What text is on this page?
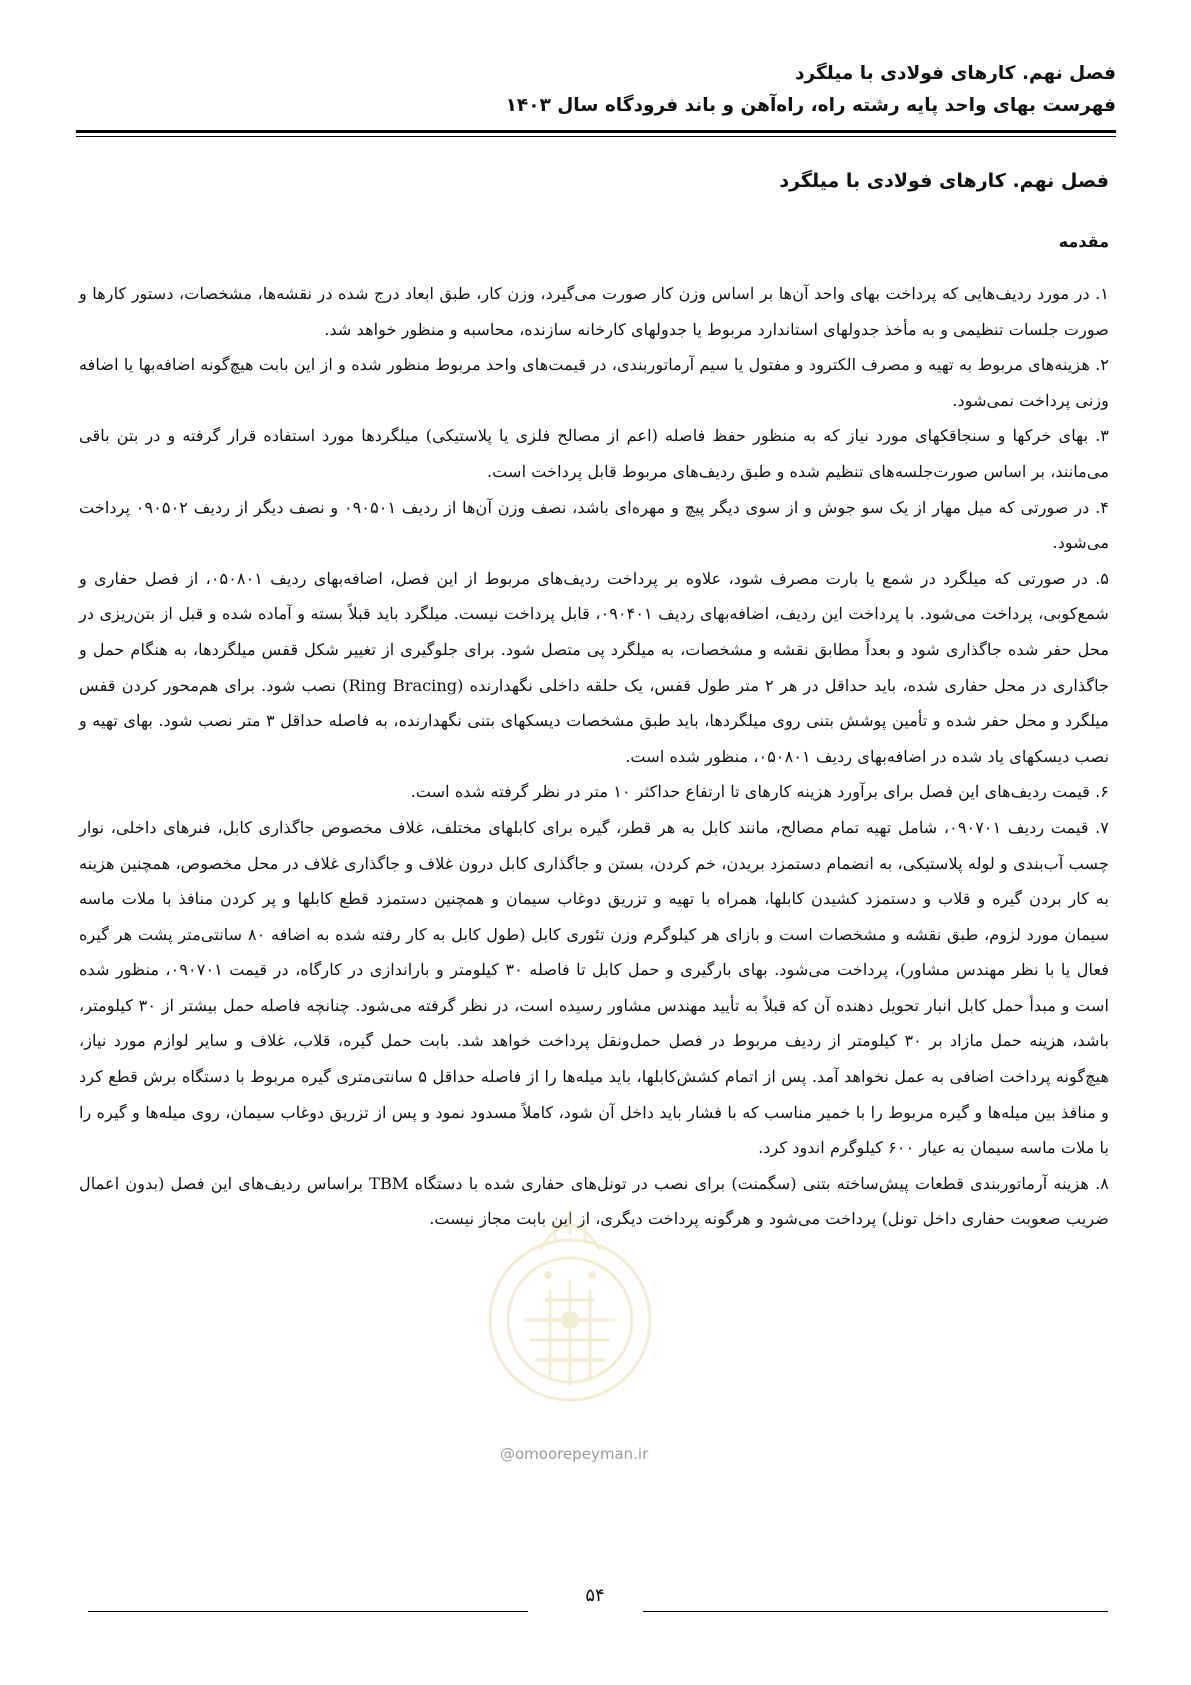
فصل نهم. کارهای فولادی با میلگرد
فهرست بهای واحد پایه رشته راه، راه‌آهن و باند فرودگاه سال ۱۴۰۳
فصل نهم. کارهای فولادی با میلگرد
مقدمه

۱. در مورد ردیف‌هایی که پرداخت بهای واحد آن‌ها بر اساس وزن کار صورت می‌گیرد، وزن کار، طبق ابعاد درج شده در نقشه‌ها، مشخصات، دستور کارها و صورت جلسات تنظیمی و به مأخذ جدولهای استاندارد مربوط یا جدولهای کارخانه سازنده، محاسبه و منظور خواهد شد.

۲. هزینه‌های مربوط به تهیه و مصرف الکترود و مفتول یا سیم آرماتوربندی، در قیمت‌های واحد مربوط منظور شده و از این بابت هیچ‌گونه اضافه‌بها یا اضافه وزنی پرداخت نمی‌شود.

۳. بهای خرکها و سنجاقکهای مورد نیاز که به منظور حفظ فاصله (اعم از مصالح فلزی یا پلاستیکی) میلگردها مورد استفاده قرار گرفته و در بتن باقی می‌مانند، بر اساس صورت‌جلسه‌های تنظیم شده و طبق ردیف‌های مربوط قابل پرداخت است.

۴. در صورتی که میل مهار از یک سو جوش و از سوی دیگر پیچ و مهره‌ای باشد، نصف وزن آن‌ها از ردیف ۰۹۰۵۰۱ و نصف دیگر از ردیف ۰۹۰۵۰۲ پرداخت می‌شود.

۵. در صورتی که میلگرد در شمع یا بارت مصرف شود، علاوه بر پرداخت ردیف‌های مربوط از این فصل، اضافه‌بهای ردیف ۰۵۰۸۰۱، از فصل حفاری و شمع‌کوبی، پرداخت می‌شود. با پرداخت این ردیف، اضافه‌بهای ردیف ۰۹۰۴۰۱، قابل پرداخت نیست. میلگرد باید قبلاً بسته و آماده شده و قبل از بتن‌ریزی در محل حفر شده جاگذاری شود و بعداً مطابق نقشه و مشخصات، به میلگرد پی متصل شود. برای جلوگیری از تغییر شکل قفس میلگردها، به هنگام حمل و جاگذاری در محل حفاری شده، باید حداقل در هر ۲ متر طول قفس، یک حلقه داخلی نگهدارنده (Ring Bracing) نصب شود. برای هم‌محور کردن قفس میلگرد و محل حفر شده و تأمین پوشش بتنی روی میلگردها، باید طبق مشخصات دیسکهای بتنی نگهدارنده، به فاصله حداقل ۳ متر نصب شود. بهای تهیه و نصب دیسکهای یاد شده در اضافه‌بهای ردیف ۰۵۰۸۰۱، منظور شده است.

۶. قیمت ردیف‌های این فصل برای برآورد هزینه کارهای تا ارتفاع حداکثر ۱۰ متر در نظر گرفته شده است.

۷. قیمت ردیف ۰۹۰۷۰۱، شامل تهیه تمام مصالح، مانند کابل به هر قطر، گیره برای کابلهای مختلف، غلاف مخصوص جاگذاری کابل، فنرهای داخلی، نوار چسب آب‌بندی و لوله پلاستیکی، به انضمام دستمزد بریدن، خم کردن، بستن و جاگذاری کابل درون غلاف و جاگذاری غلاف در محل مخصوص، همچنین هزینه به کار بردن گیره و قلاب و دستمزد کشیدن کابلها، همراه با تهیه و تزریق دوغاب سیمان و همچنین دستمزد قطع کابلها و پر کردن منافذ با ملات ماسه سیمان مورد لزوم، طبق نقشه و مشخصات است و بازای هر کیلوگرم وزن تئوری کابل (طول کابل به کار رفته شده به اضافه ۸۰ سانتی‌متر پشت هر گیره فعال یا با نظر مهندس مشاور)، پرداخت می‌شود. بهای بارگیری و حمل کابل تا فاصله ۳۰ کیلومتر و باراندازی در کارگاه، در قیمت ۰۹۰۷۰۱، منظور شده است و مبدأ حمل کابل انبار تحویل دهنده آن که قبلاً به تأیید مهندس مشاور رسیده است، در نظر گرفته می‌شود. چنانچه فاصله حمل بیشتر از ۳۰ کیلومتر، باشد، هزینه حمل مازاد بر ۳۰ کیلومتر از ردیف مربوط در فصل حمل‌ونقل پرداخت خواهد شد. بابت حمل گیره، قلاب، غلاف و سایر لوازم مورد نیاز، هیچ‌گونه پرداخت اضافی به عمل نخواهد آمد. پس از اتمام کشش‌کابلها، باید میله‌ها را از فاصله حداقل ۵ سانتی‌متری گیره مربوط با دستگاه برش قطع کرد و منافذ بین میله‌ها و گیره مربوط را با خمیر مناسب که با فشار باید داخل آن شود، کاملاً مسدود نمود و پس از تزریق دوغاب سیمان، روی میله‌ها و گیره را با ملات ماسه سیمان به عیار ۶۰۰ کیلوگرم اندود کرد.

۸. هزینه آرماتوربندی قطعات پیش‌ساخته بتنی (سگمنت) برای نصب در تونل‌های حفاری شده با دستگاه TBM براساس ردیف‌های این فصل (بدون اعمال ضریب صعوبت حفاری داخل تونل) پرداخت می‌شود و هرگونه پرداخت دیگری، از این بابت مجاز نیست.

@omoorepeyman.ir
۵۴
